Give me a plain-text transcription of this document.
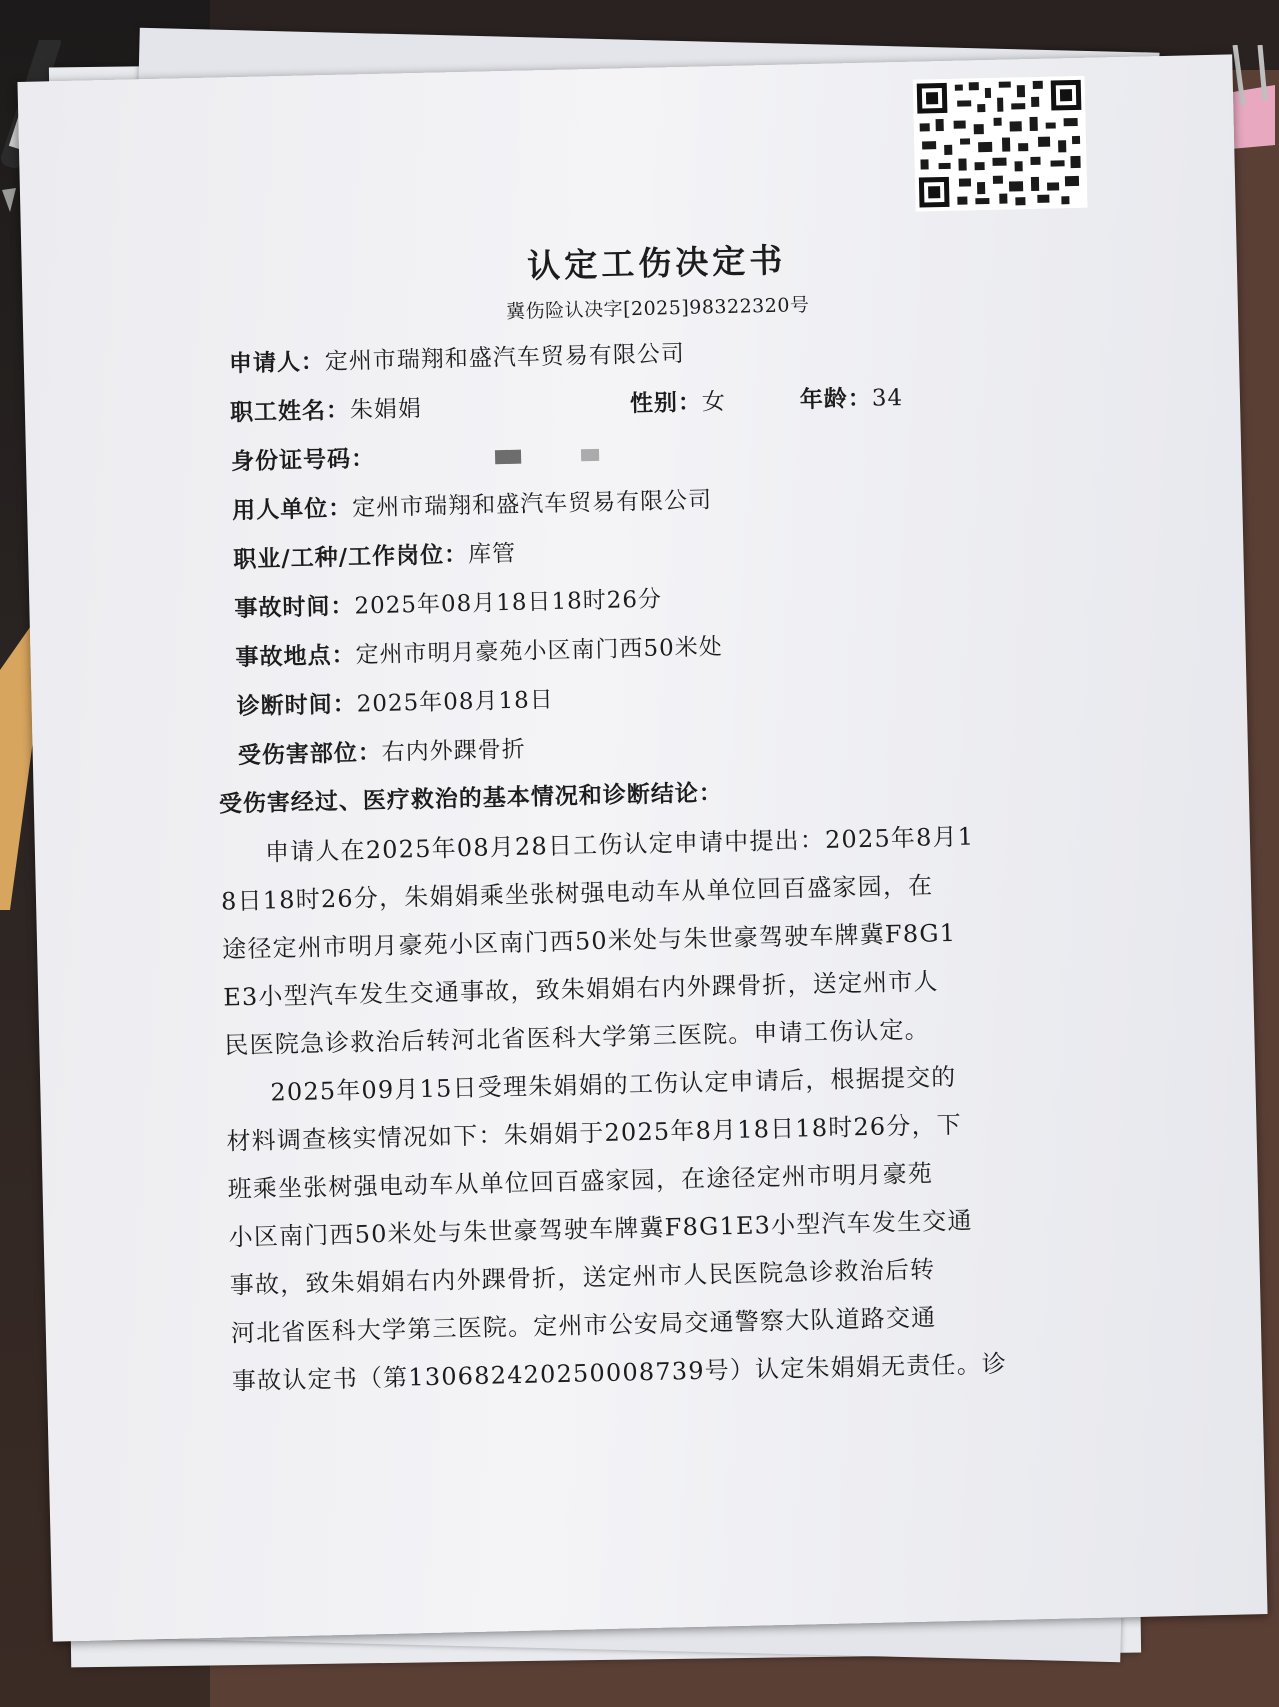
认定工伤决定书
冀伤险认决字[2025]98322320号
申请人：定州市瑞翔和盛汽车贸易有限公司
职工姓名：朱娟娟	性别：女	年龄：34
身份证号码：
用人单位：定州市瑞翔和盛汽车贸易有限公司
职业/工种/工作岗位：库管
事故时间：2025年08月18日18时26分
事故地点：定州市明月豪苑小区南门西50米处
诊断时间：2025年08月18日
受伤害部位：右内外踝骨折
受伤害经过、医疗救治的基本情况和诊断结论：
申请人在2025年08月28日工伤认定申请中提出：2025年8月1
8日18时26分，朱娟娟乘坐张树强电动车从单位回百盛家园，在
途径定州市明月豪苑小区南门西50米处与朱世豪驾驶车牌冀F8G1
E3小型汽车发生交通事故，致朱娟娟右内外踝骨折，送定州市人
民医院急诊救治后转河北省医科大学第三医院。申请工伤认定。
2025年09月15日受理朱娟娟的工伤认定申请后，根据提交的
材料调查核实情况如下：朱娟娟于2025年8月18日18时26分，下
班乘坐张树强电动车从单位回百盛家园，在途径定州市明月豪苑
小区南门西50米处与朱世豪驾驶车牌冀F8G1E3小型汽车发生交通
事故，致朱娟娟右内外踝骨折，送定州市人民医院急诊救治后转
河北省医科大学第三医院。定州市公安局交通警察大队道路交通
事故认定书（第130682420250008739号）认定朱娟娟无责任。诊
